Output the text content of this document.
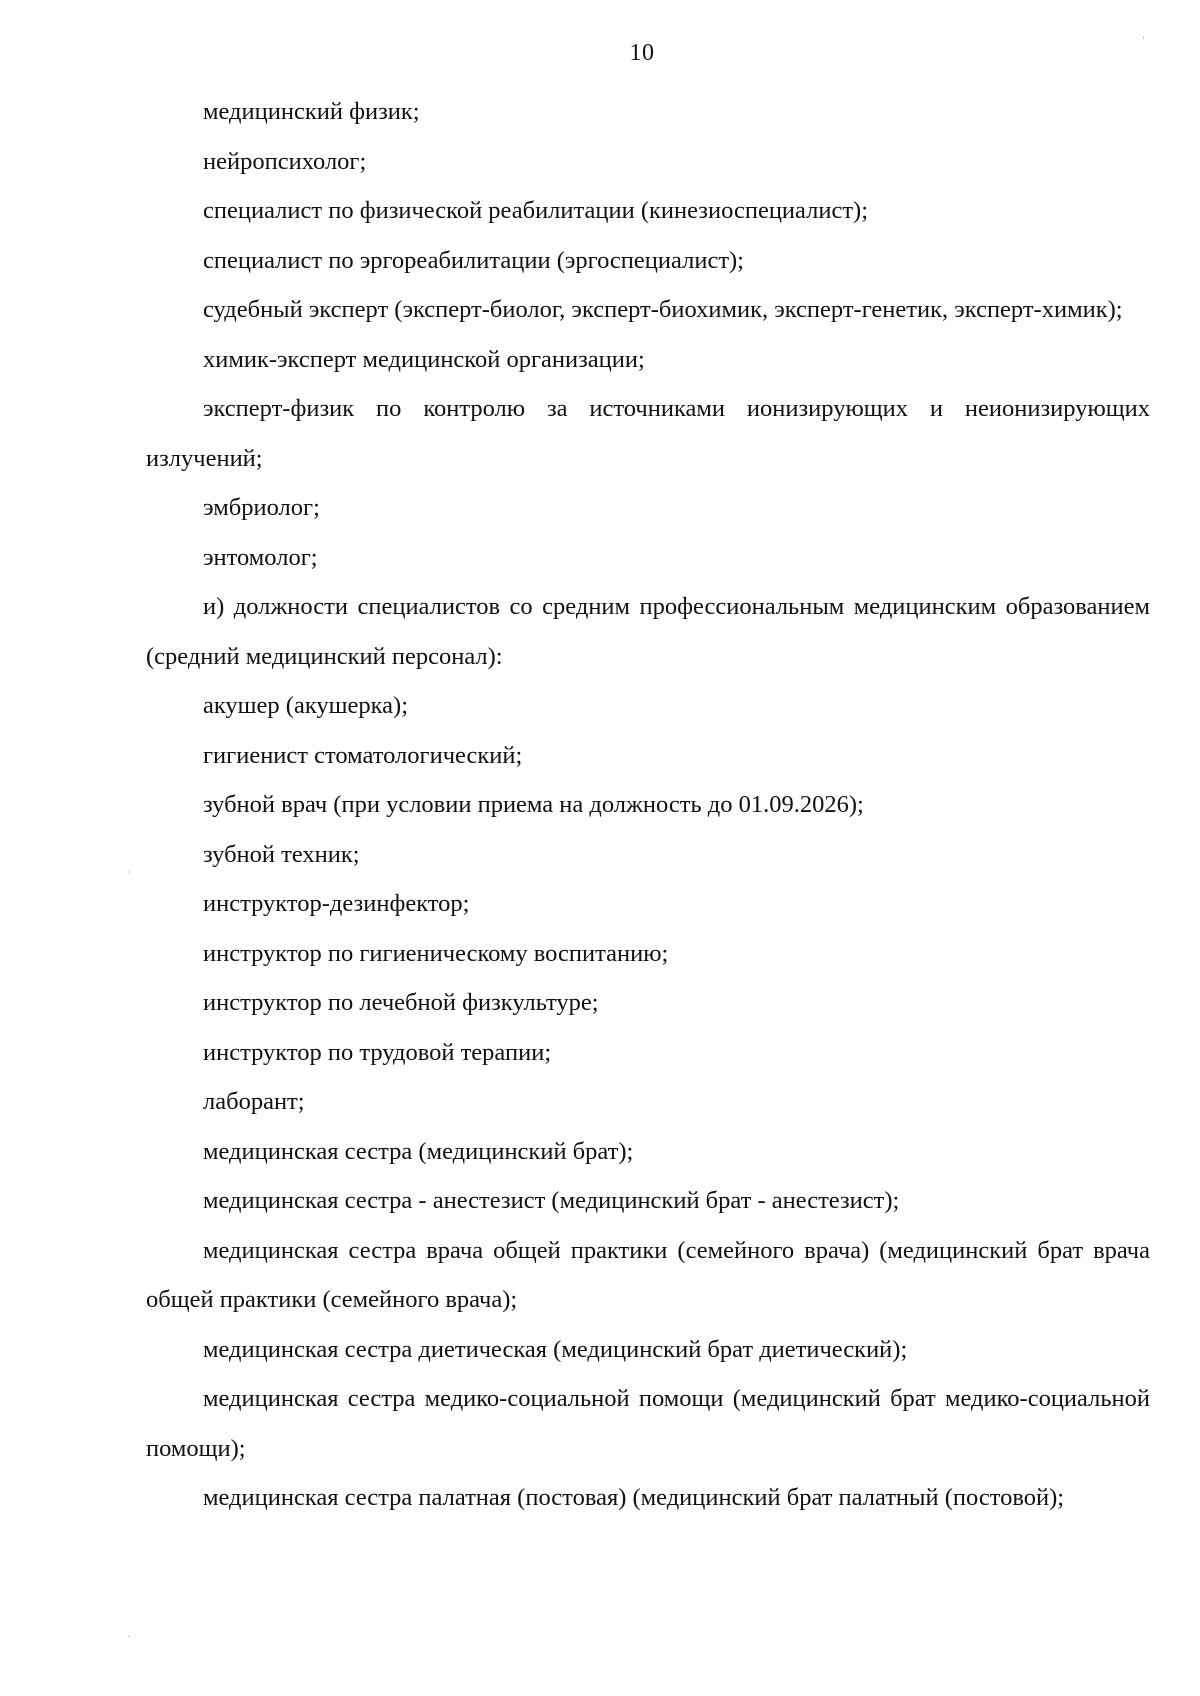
10

медицинский физик;

нейропсихолог;

специалист по физической реабилитации (кинезиоспециалист);

специалист по эргореабилитации (эргоспециалист);

судебный эксперт (эксперт-биолог, эксперт-биохимик, эксперт-генетик, эксперт-химик);

химик-эксперт медицинской организации;

эксперт-физик по контролю за источниками ионизирующих и неионизирующих излучений;

эмбриолог;

энтомолог;

и) должности специалистов со средним профессиональным медицинским образованием (средний медицинский персонал):

акушер (акушерка);

гигиенист стоматологический;

зубной врач (при условии приема на должность до 01.09.2026);

зубной техник;

инструктор-дезинфектор;

инструктор по гигиеническому воспитанию;

инструктор по лечебной физкультуре;

инструктор по трудовой терапии;

лаборант;

медицинская сестра (медицинский брат);

медицинская сестра - анестезист (медицинский брат - анестезист);

медицинская сестра врача общей практики (семейного врача) (медицинский брат врача общей практики (семейного врача);

медицинская сестра диетическая (медицинский брат диетический);

медицинская сестра медико-социальной помощи (медицинский брат медико-социальной помощи);

медицинская сестра палатная (постовая) (медицинский брат палатный (постовой);
